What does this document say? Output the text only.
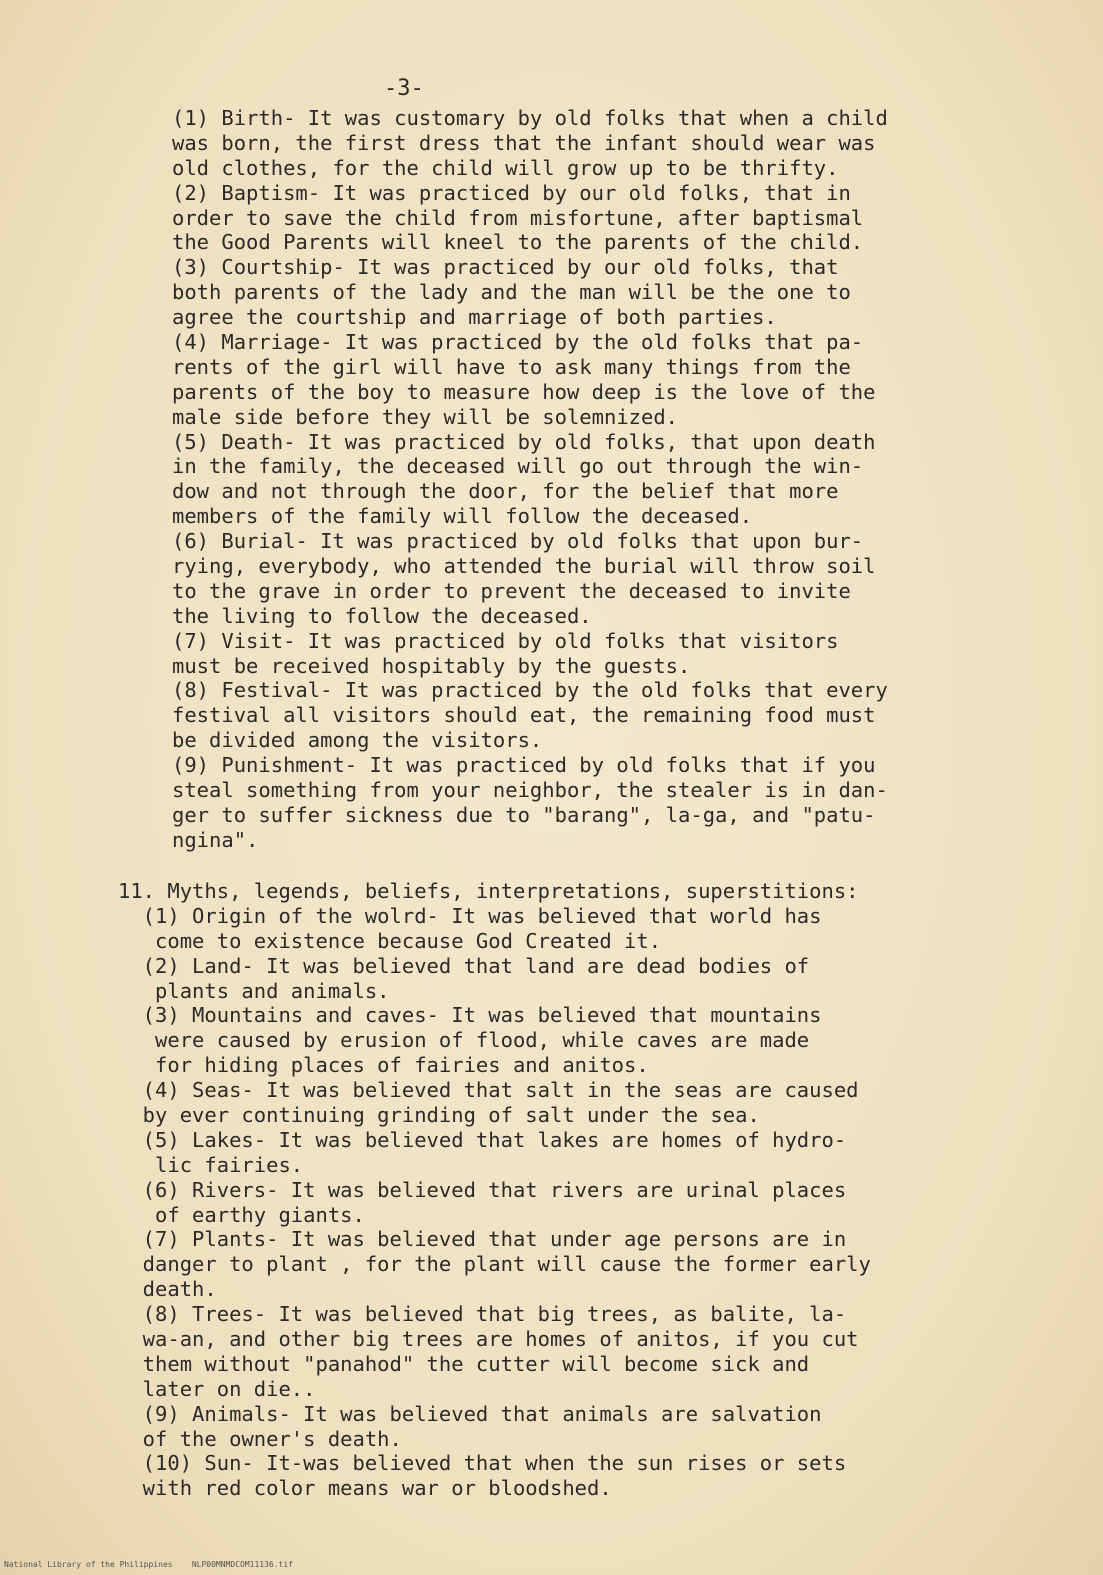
-3-
(1) Birth- It was customary by old folks that when a child
was born, the first dress that the infant should wear was
old clothes, for the child will grow up to be thrifty.
(2) Baptism- It was practiced by our old folks, that in
order to save the child from misfortune, after baptismal
the Good Parents will kneel to the parents of the child.
(3) Courtship- It was practiced by our old folks, that
both parents of the lady and the man will be the one to
agree the courtship and marriage of both parties.
(4) Marriage- It was practiced by the old folks that pa-
rents of the girl will have to ask many things from the
parents of the boy to measure how deep is the love of the
male side before they will be solemnized.
(5) Death- It was practiced by old folks, that upon death
in the family, the deceased will go out through the win-
dow and not through the door, for the belief that more
members of the family will follow the deceased.
(6) Burial- It was practiced by old folks that upon bur-
rying, everybody, who attended the burial will throw soil
to the grave in order to prevent the deceased to invite
the living to follow the deceased.
(7) Visit- It was practiced by old folks that visitors
must be received hospitably by the guests.
(8) Festival- It was practiced by the old folks that every
festival all visitors should eat, the remaining food must
be divided among the visitors.
(9) Punishment- It was practiced by old folks that if you
steal something from your neighbor, the stealer is in dan-
ger to suffer sickness due to "barang", la-ga, and "patu-
ngina".
11. Myths, legends, beliefs, interpretations, superstitions:
(1) Origin of the wolrd- It was believed that world has
come to existence because God Created it.
(2) Land- It was believed that land are dead bodies of
plants and animals.
(3) Mountains and caves- It was believed that mountains
were caused by erusion of flood, while caves are made
for hiding places of fairies and anitos.
(4) Seas- It was believed that salt in the seas are caused
by ever continuing grinding of salt under the sea.
(5) Lakes- It was believed that lakes are homes of hydro-
lic fairies.
(6) Rivers- It was believed that rivers are urinal places
of earthy giants.
(7) Plants- It was believed that under age persons are in
danger to plant , for the plant will cause the former early
death.
(8) Trees- It was believed that big trees, as balite, la-
wa-an, and other big trees are homes of anitos, if you cut
them without "panahod" the cutter will become sick and
later on die..
(9) Animals- It was believed that animals are salvation
of the owner's death.
(10) Sun- It-was believed that when the sun rises or sets
with red color means war or bloodshed.
National Library of the Philippines    NLP00MNMDCOM11136.tif
